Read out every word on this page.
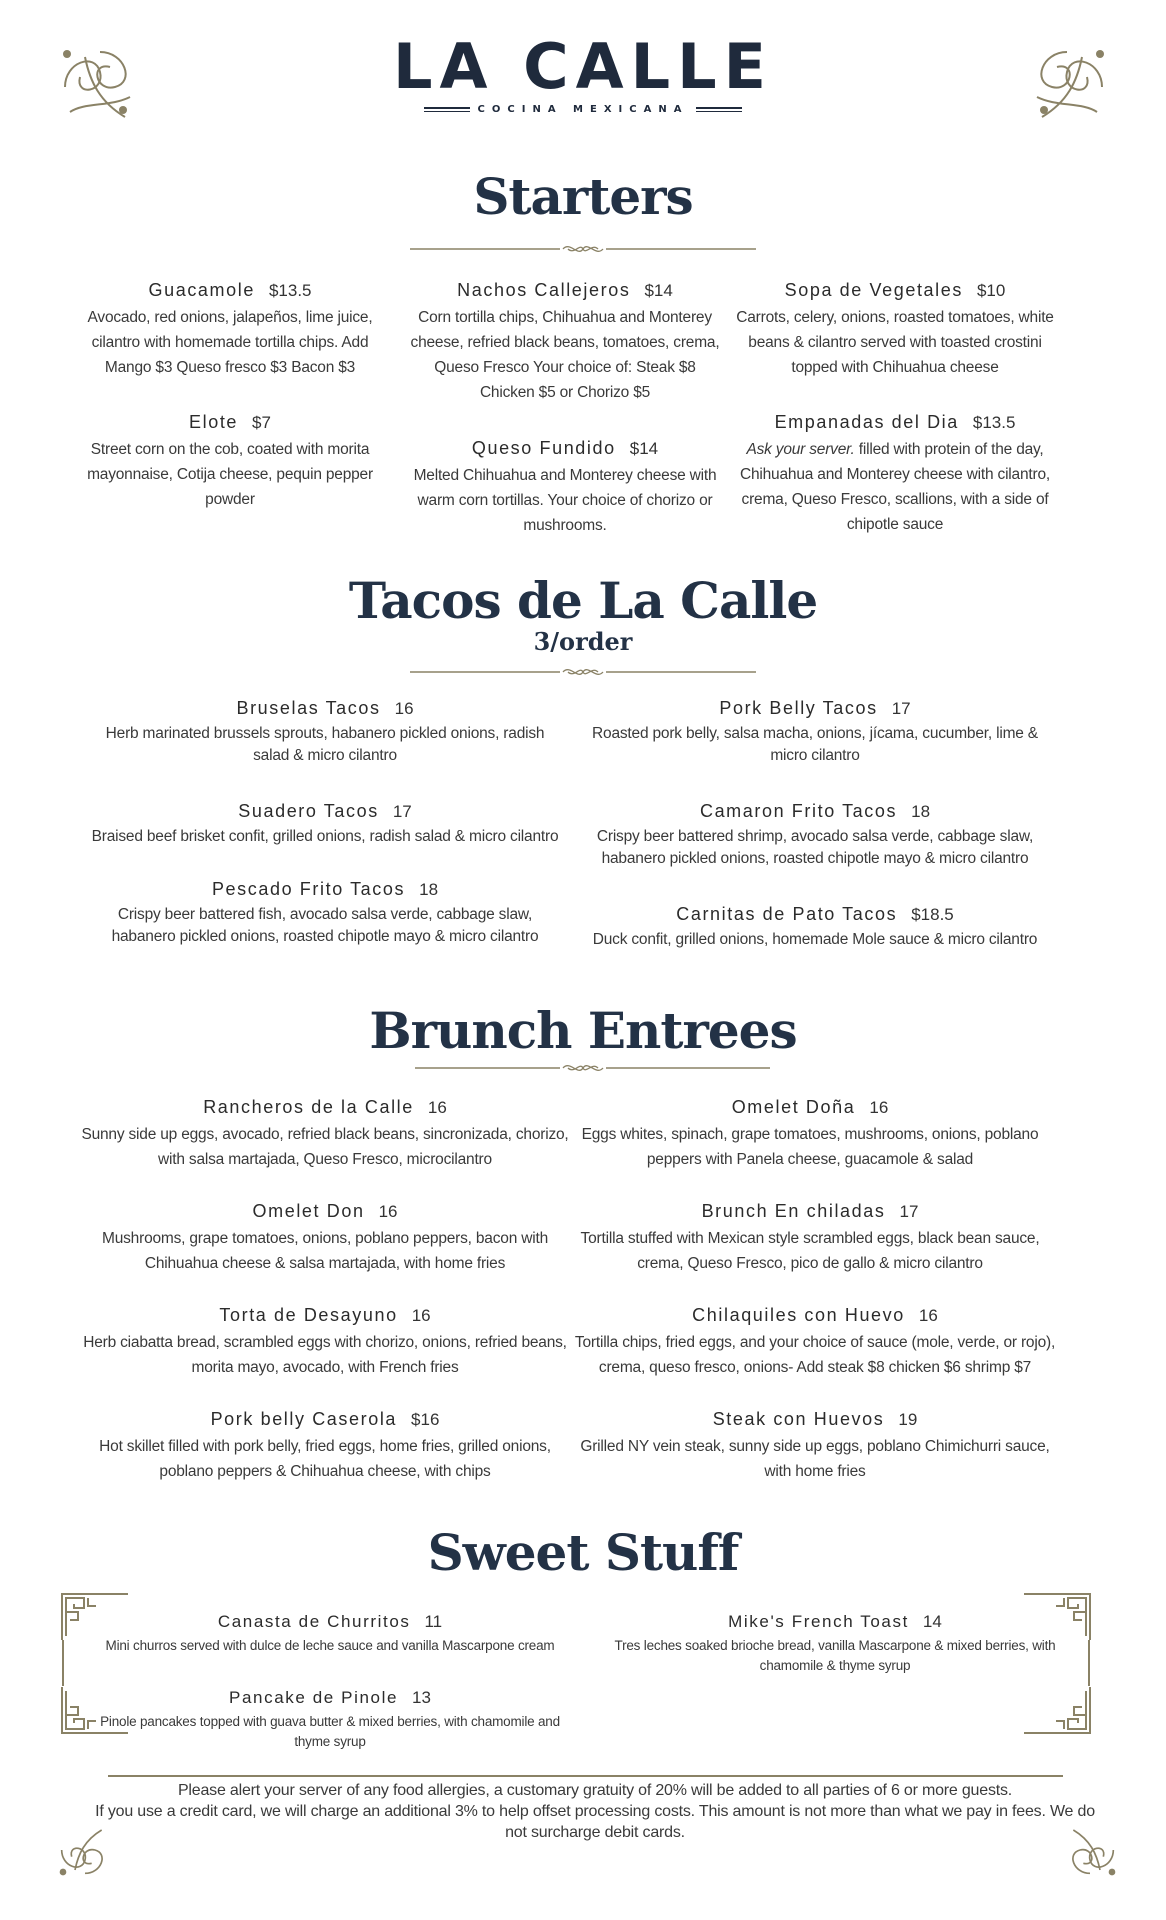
LA CALLE
COCINA MEXICANA
Starters
Guacamole $13.5
Avocado, red onions, jalapeños, lime juice, cilantro with homemade tortilla chips. Add Mango $3 Queso fresco $3 Bacon $3
Nachos Callejeros $14
Corn tortilla chips, Chihuahua and Monterey cheese, refried black beans, tomatoes, crema, Queso Fresco Your choice of: Steak $8 Chicken $5 or Chorizo $5
Sopa de Vegetales $10
Carrots, celery, onions, roasted tomatoes, white beans & cilantro served with toasted crostini topped with Chihuahua cheese
Elote $7
Street corn on the cob, coated with morita mayonnaise, Cotija cheese, pequin pepper powder
Queso Fundido $14
Melted Chihuahua and Monterey cheese with warm corn tortillas. Your choice of chorizo or mushrooms.
Empanadas del Dia $13.5
Ask your server. filled with protein of the day, Chihuahua and Monterey cheese with cilantro, crema, Queso Fresco, scallions, with a side of chipotle sauce
Tacos de La Calle
3/order
Bruselas Tacos 16
Herb marinated brussels sprouts, habanero pickled onions, radish salad & micro cilantro
Pork Belly Tacos 17
Roasted pork belly, salsa macha, onions, jícama, cucumber, lime & micro cilantro
Suadero Tacos 17
Braised beef brisket confit, grilled onions, radish salad & micro cilantro
Camaron Frito Tacos 18
Crispy beer battered shrimp, avocado salsa verde, cabbage slaw, habanero pickled onions, roasted chipotle mayo & micro cilantro
Pescado Frito Tacos 18
Crispy beer battered fish, avocado salsa verde, cabbage slaw, habanero pickled onions, roasted chipotle mayo & micro cilantro
Carnitas de Pato Tacos $18.5
Duck confit, grilled onions, homemade Mole sauce & micro cilantro
Brunch Entrees
Rancheros de la Calle 16
Sunny side up eggs, avocado, refried black beans, sincronizada, chorizo, with salsa martajada, Queso Fresco, microcilantro
Omelet Doña 16
Eggs whites, spinach, grape tomatoes, mushrooms, onions, poblano peppers with Panela cheese, guacamole & salad
Omelet Don 16
Mushrooms, grape tomatoes, onions, poblano peppers, bacon with Chihuahua cheese & salsa martajada, with home fries
Brunch En chiladas 17
Tortilla stuffed with Mexican style scrambled eggs, black bean sauce, crema, Queso Fresco, pico de gallo & micro cilantro
Torta de Desayuno 16
Herb ciabatta bread, scrambled eggs with chorizo, onions, refried beans, morita mayo, avocado, with French fries
Chilaquiles con Huevo 16
Tortilla chips, fried eggs, and your choice of sauce (mole, verde, or rojo), crema, queso fresco, onions- Add steak $8 chicken $6 shrimp $7
Pork belly Caserola $16
Hot skillet filled with pork belly, fried eggs, home fries, grilled onions, poblano peppers & Chihuahua cheese, with chips
Steak con Huevos 19
Grilled NY vein steak, sunny side up eggs, poblano Chimichurri sauce, with home fries
Sweet Stuff
Canasta de Churritos 11
Mini churros served with dulce de leche sauce and vanilla Mascarpone cream
Mike's French Toast 14
Tres leches soaked brioche bread, vanilla Mascarpone & mixed berries, with chamomile & thyme syrup
Pancake de Pinole 13
Pinole pancakes topped with guava butter & mixed berries, with chamomile and thyme syrup
Please alert your server of any food allergies, a customary gratuity of 20% will be added to all parties of 6 or more guests.
If you use a credit card, we will charge an additional 3% to help offset processing costs. This amount is not more than what we pay in fees. We do not surcharge debit cards.
